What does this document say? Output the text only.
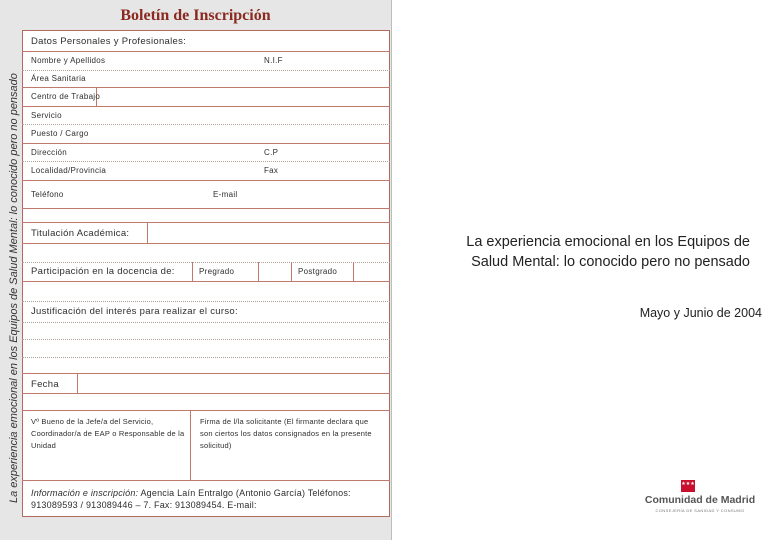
La experiencia emocional en los Equipos de Salud Mental: lo conocido pero no pensado
Boletín de Inscripción
Datos Personales y Profesionales:
Nombre y Apellidos	N.I.F
Área Sanitaria
Centro de Trabajo
Servicio
Puesto / Cargo
Dirección	C.P
Localidad/Provincia	Fax
Teléfono	E-mail
Titulación Académica:
Participación en la docencia de:	Pregrado	Postgrado
Justificación del interés para realizar el curso:
Fecha
Vº Bueno de la Jefe/a del Servicio, Coordinador/a de EAP o Responsable de la Unidad
Firma de l/la solicitante (El firmante declara que son ciertos los datos consignados en la presente solicitud)
Información e inscripción: Agencia Laín Entralgo (Antonio García) Teléfonos: 913089593 / 913089446 – 7. Fax: 913089454. E-mail:
La experiencia emocional en los Equipos de Salud Mental: lo conocido pero no pensado
Mayo y Junio de 2004
★★★
Comunidad de Madrid
CONSEJERÍA DE SANIDAD Y CONSUMO
